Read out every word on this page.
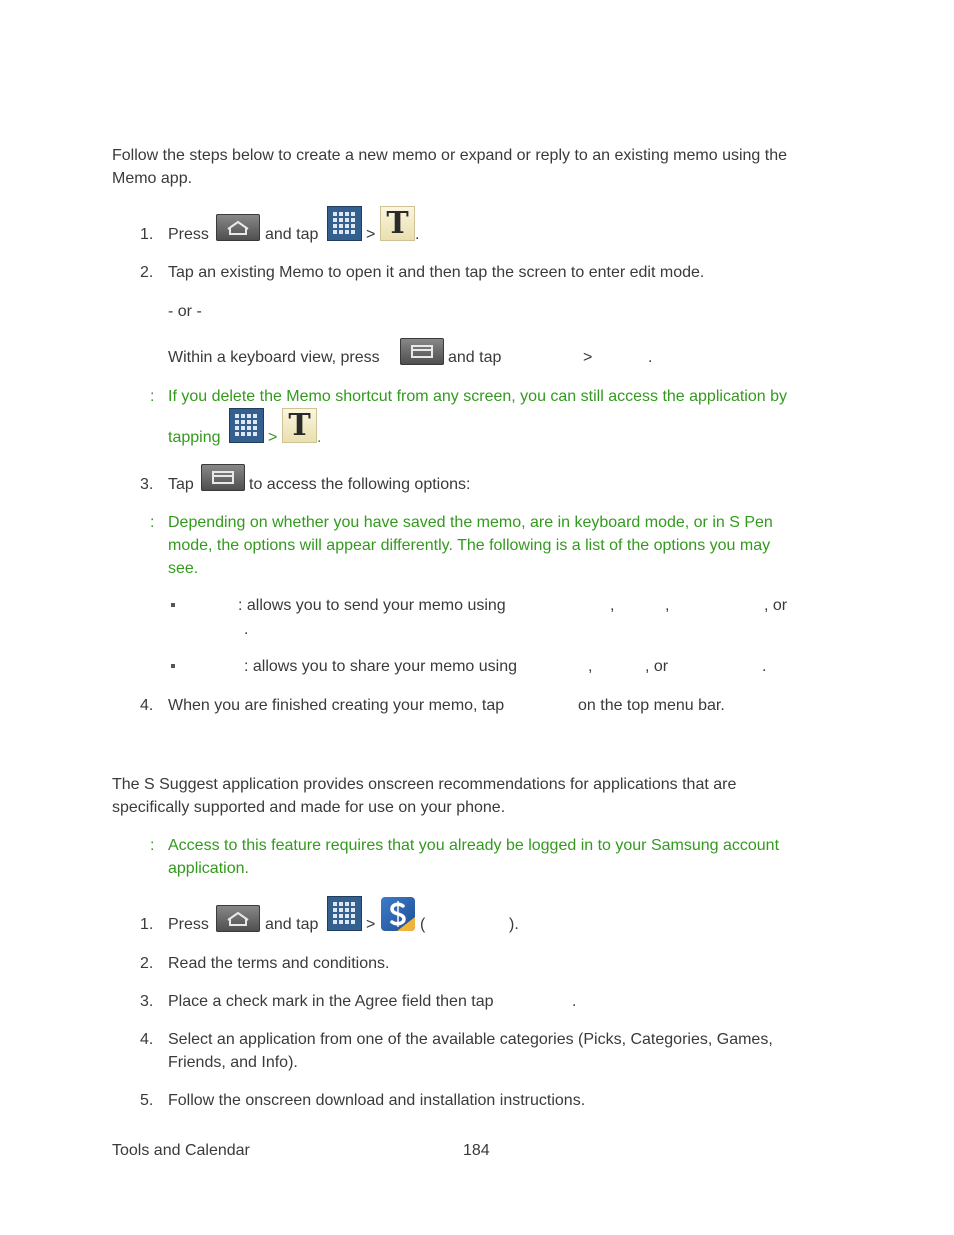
Follow the steps below to create a new memo or expand or reply to an existing memo using the
Memo app.
1. Press	and tap	> T .
2. Tap an existing Memo to open it and then tap the screen to enter edit mode.
- or -
Within a keyboard view, press	and tap	>	.
: If you delete the Memo shortcut from any screen, you can still access the application by
tapping	> T .
3. Tap	to access the following options:
: Depending on whether you have saved the memo, are in keyboard mode, or in S Pen
mode, the options will appear differently. The following is a list of the options you may
see.
: allows you to send your memo using	,	,	, or
.
: allows you to share your memo using	,	, or	.
4. When you are finished creating your memo, tap	on the top menu bar.
The S Suggest application provides onscreen recommendations for applications that are
specifically supported and made for use on your phone.
: Access to this feature requires that you already be logged in to your Samsung account
application.
1. Press	and tap	>	(	).
2. Read the terms and conditions.
3. Place a check mark in the Agree field then tap	.
4. Select an application from one of the available categories (Picks, Categories, Games,
Friends, and Info).
5. Follow the onscreen download and installation instructions.
Tools and Calendar	184
